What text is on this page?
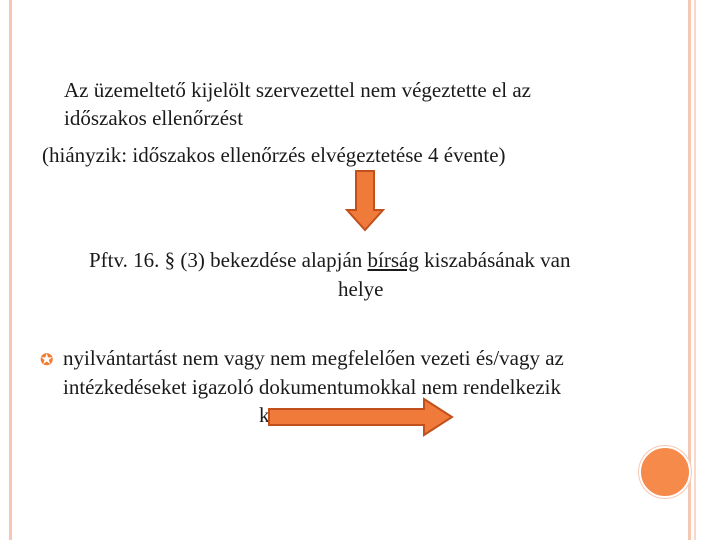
Az üzemeltető kijelölt szervezettel nem végeztette el az
időszakos ellenőrzést
(hiányzik: időszakos ellenőrzés elvégeztetése 4 évente)
Pftv. 16. § (3) bekezdése alapján bírság kiszabásának van
helye
✪ nyilvántartást nem vagy nem megfelelően vezeti és/vagy az
intézkedéseket igazoló dokumentumokkal nem rendelkezik
k
